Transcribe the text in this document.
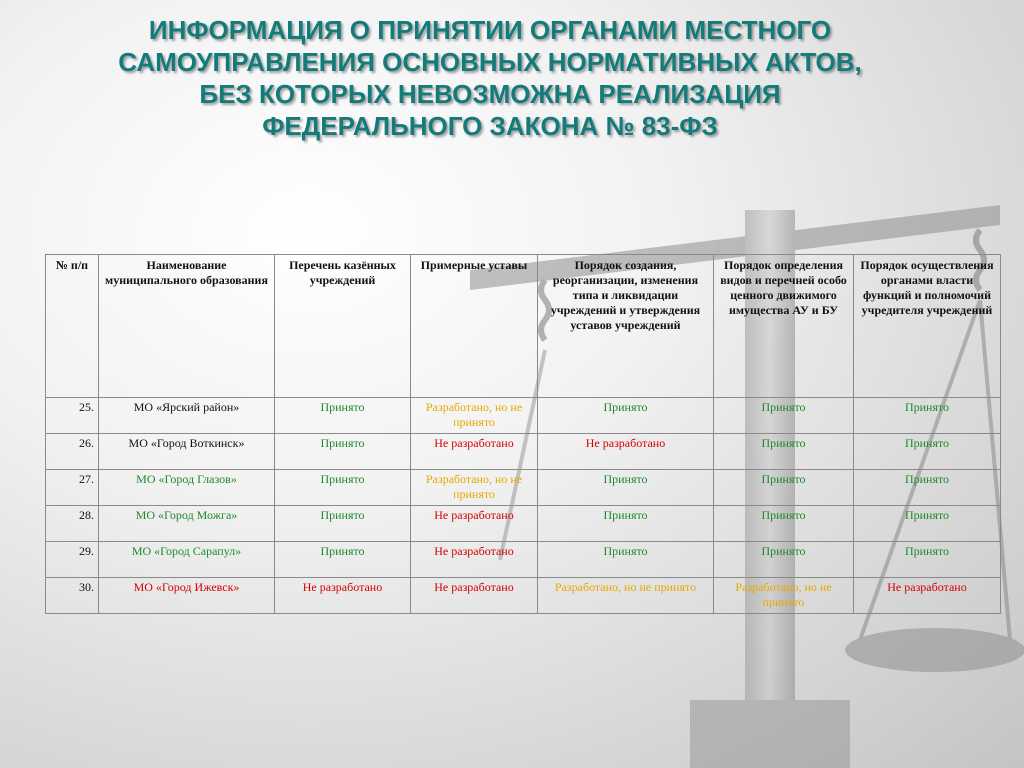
ИНФОРМАЦИЯ О ПРИНЯТИИ ОРГАНАМИ МЕСТНОГО САМОУПРАВЛЕНИЯ ОСНОВНЫХ НОРМАТИВНЫХ АКТОВ, БЕЗ КОТОРЫХ НЕВОЗМОЖНА РЕАЛИЗАЦИЯ ФЕДЕРАЛЬНОГО ЗАКОНА № 83-ФЗ
№ п/п	Наименование муниципального образования	Перечень казённых учреждений	Примерные уставы	Порядок создания, реорганизации, изменения типа и ликвидации учреждений и утверждения уставов учреждений	Порядок определения видов и перечней особо ценного движимого имущества АУ и БУ	Порядок осуществления органами власти функций и полномочий учредителя учреждений
25.	МО «Ярский район»	Принято	Разработано, но не принято	Принято	Принято	Принято
26.	МО «Город Воткинск»	Принято	Не разработано	Не разработано	Принято	Принято
27.	МО «Город Глазов»	Принято	Разработано, но не принято	Принято	Принято	Принято
28.	МО «Город Можга»	Принято	Не разработано	Принято	Принято	Принято
29.	МО «Город Сарапул»	Принято	Не разработано	Принято	Принято	Принято
30.	МО «Город Ижевск»	Не разработано	Не разработано	Разработано, но не принято	Разработано, но не принято	Не разработано
